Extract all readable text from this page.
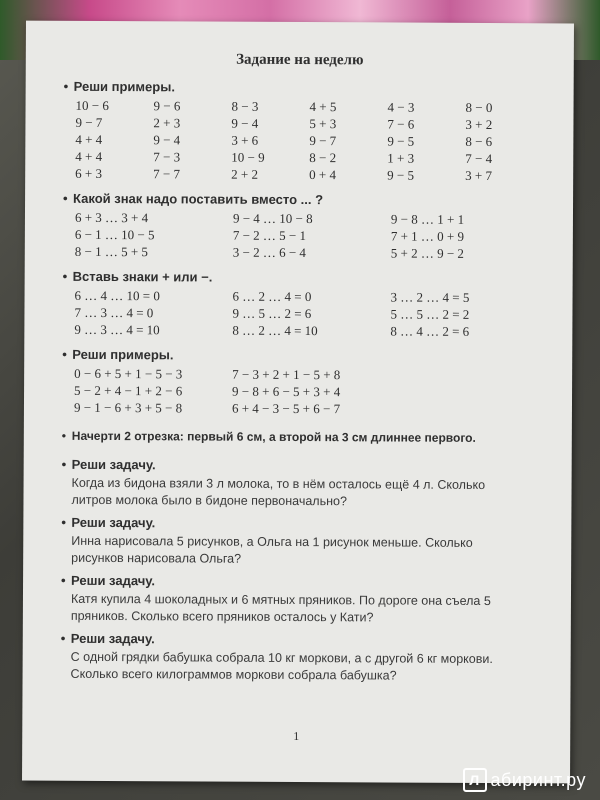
Задание на неделю
• Реши примеры.
10 − 6	9 − 6	8 − 3	4 + 5	4 − 3	8 − 0
9 − 7	2 + 3	9 − 4	5 + 3	7 − 6	3 + 2
4 + 4	9 − 4	3 + 6	9 − 7	9 − 5	8 − 6
4 + 4	7 − 3	10 − 9	8 − 2	1 + 3	7 − 4
6 + 3	7 − 7	2 + 2	0 + 4	9 − 5	3 + 7
• Какой знак надо поставить вместо ... ?
6 + 3 … 3 + 4	9 − 4 … 10 − 8	9 − 8 … 1 + 1
6 − 1 … 10 − 5	7 − 2 … 5 − 1	7 + 1 … 0 + 9
8 − 1 … 5 + 5	3 − 2 … 6 − 4	5 + 2 … 9 − 2
• Вставь знаки + или −.
6 … 4 … 10 = 0	6 … 2 … 4 = 0	3 … 2 … 4 = 5
7 … 3 … 4 = 0	9 … 5 … 2 = 6	5 … 5 … 2 = 2
9 … 3 … 4 = 10	8 … 2 … 4 = 10	8 … 4 … 2 = 6
• Реши примеры.
0 − 6 + 5 + 1 − 5 − 3	7 − 3 + 2 + 1 − 5 + 8
5 − 2 + 4 − 1 + 2 − 6	9 − 8 + 6 − 5 + 3 + 4
9 − 1 − 6 + 3 + 5 − 8	6 + 4 − 3 − 5 + 6 − 7
• Начерти 2 отрезка: первый 6 см, а второй на 3 см длиннее первого.
• Реши задачу.
Когда из бидона взяли 3 л молока, то в нём осталось ещё 4 л. Сколько литров молока было в бидоне первоначально?
• Реши задачу.
Инна нарисовала 5 рисунков, а Ольга на 1 рисунок меньше. Сколько рисунков нарисовала Ольга?
• Реши задачу.
Катя купила 4 шоколадных и 6 мятных пряников. По дороге она съела 5 пряников. Сколько всего пряников осталось у Кати?
• Реши задачу.
С одной грядки бабушка собрала 10 кг моркови, а с другой 6 кг моркови. Сколько всего килограммов моркови собрала бабушка?
1
Л абиринт.ру
